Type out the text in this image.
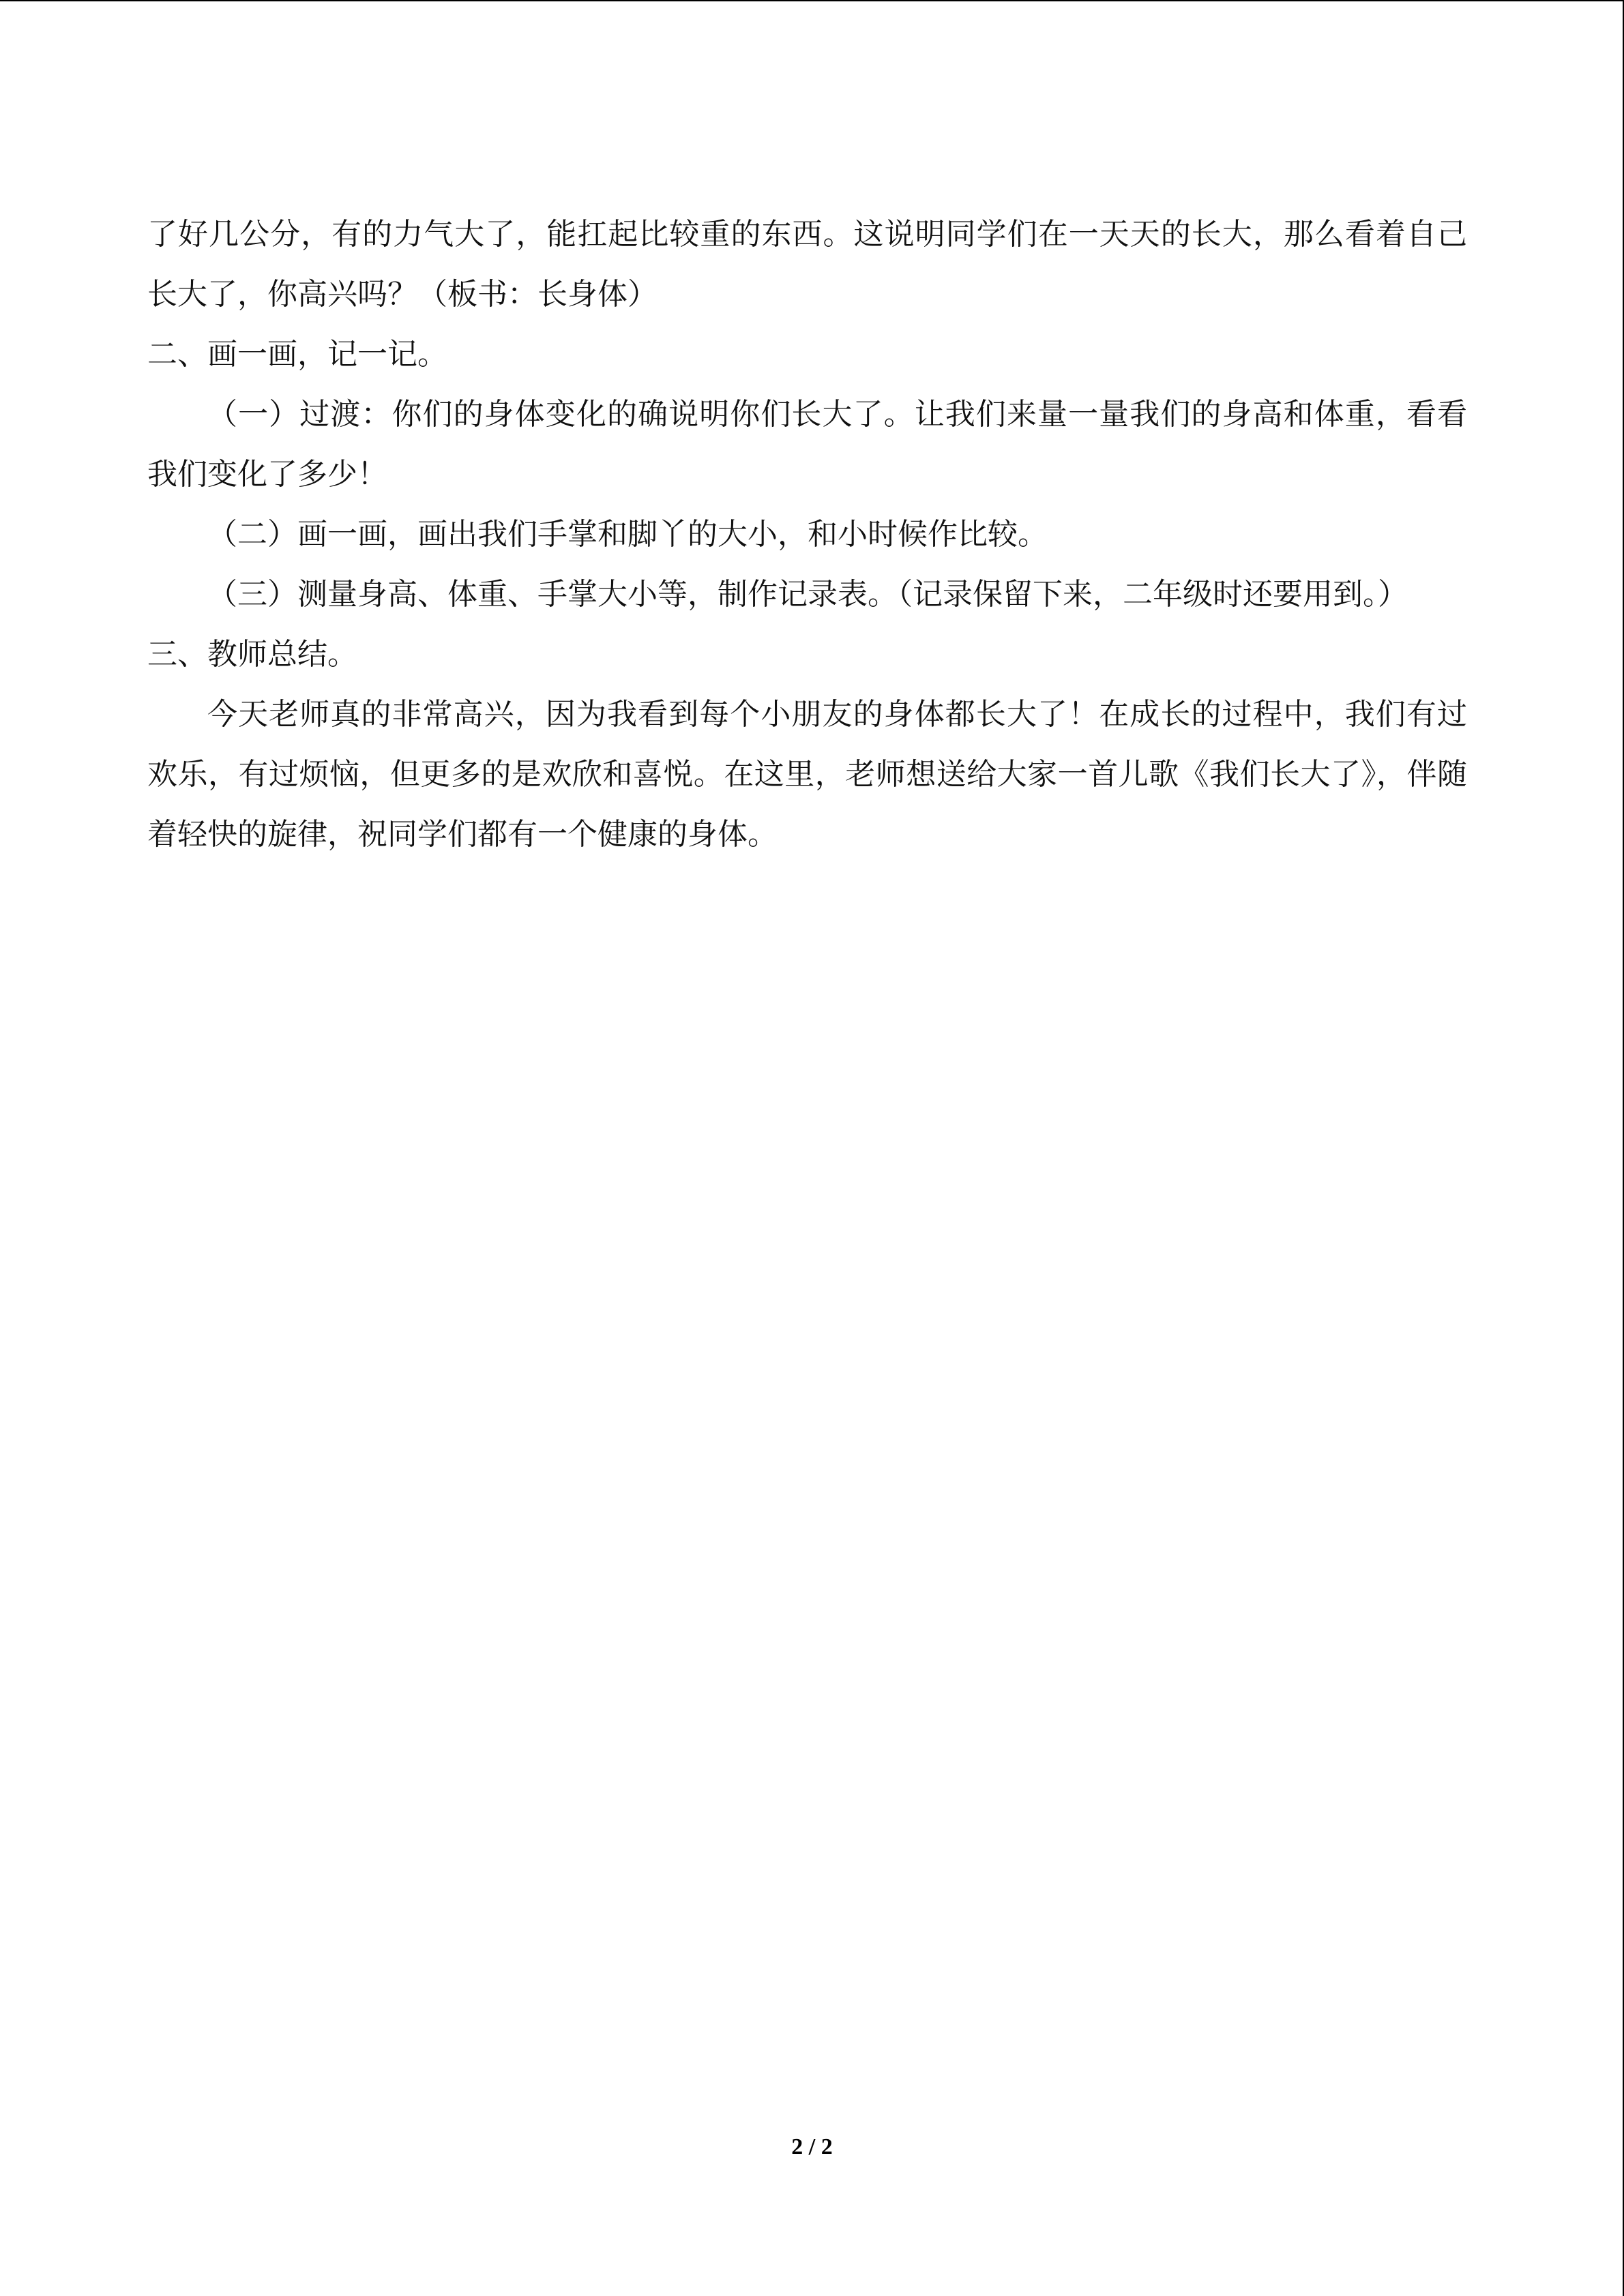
了好几公分，有的力气大了，能扛起比较重的东西。这说明同学们在一天天的长大，那么看着自己长大了，你高兴吗？（板书：长身体）

二、画一画，记一记。

（一）过渡：你们的身体变化的确说明你们长大了。让我们来量一量我们的身高和体重，看看我们变化了多少！

（二）画一画，画出我们手掌和脚丫的大小，和小时候作比较。

（三）测量身高、体重、手掌大小等，制作记录表。（记录保留下来，二年级时还要用到。）

三、教师总结。

今天老师真的非常高兴，因为我看到每个小朋友的身体都长大了！在成长的过程中，我们有过欢乐，有过烦恼，但更多的是欢欣和喜悦。在这里，老师想送给大家一首儿歌《我们长大了》，伴随着轻快的旋律，祝同学们都有一个健康的身体。

2 / 2
